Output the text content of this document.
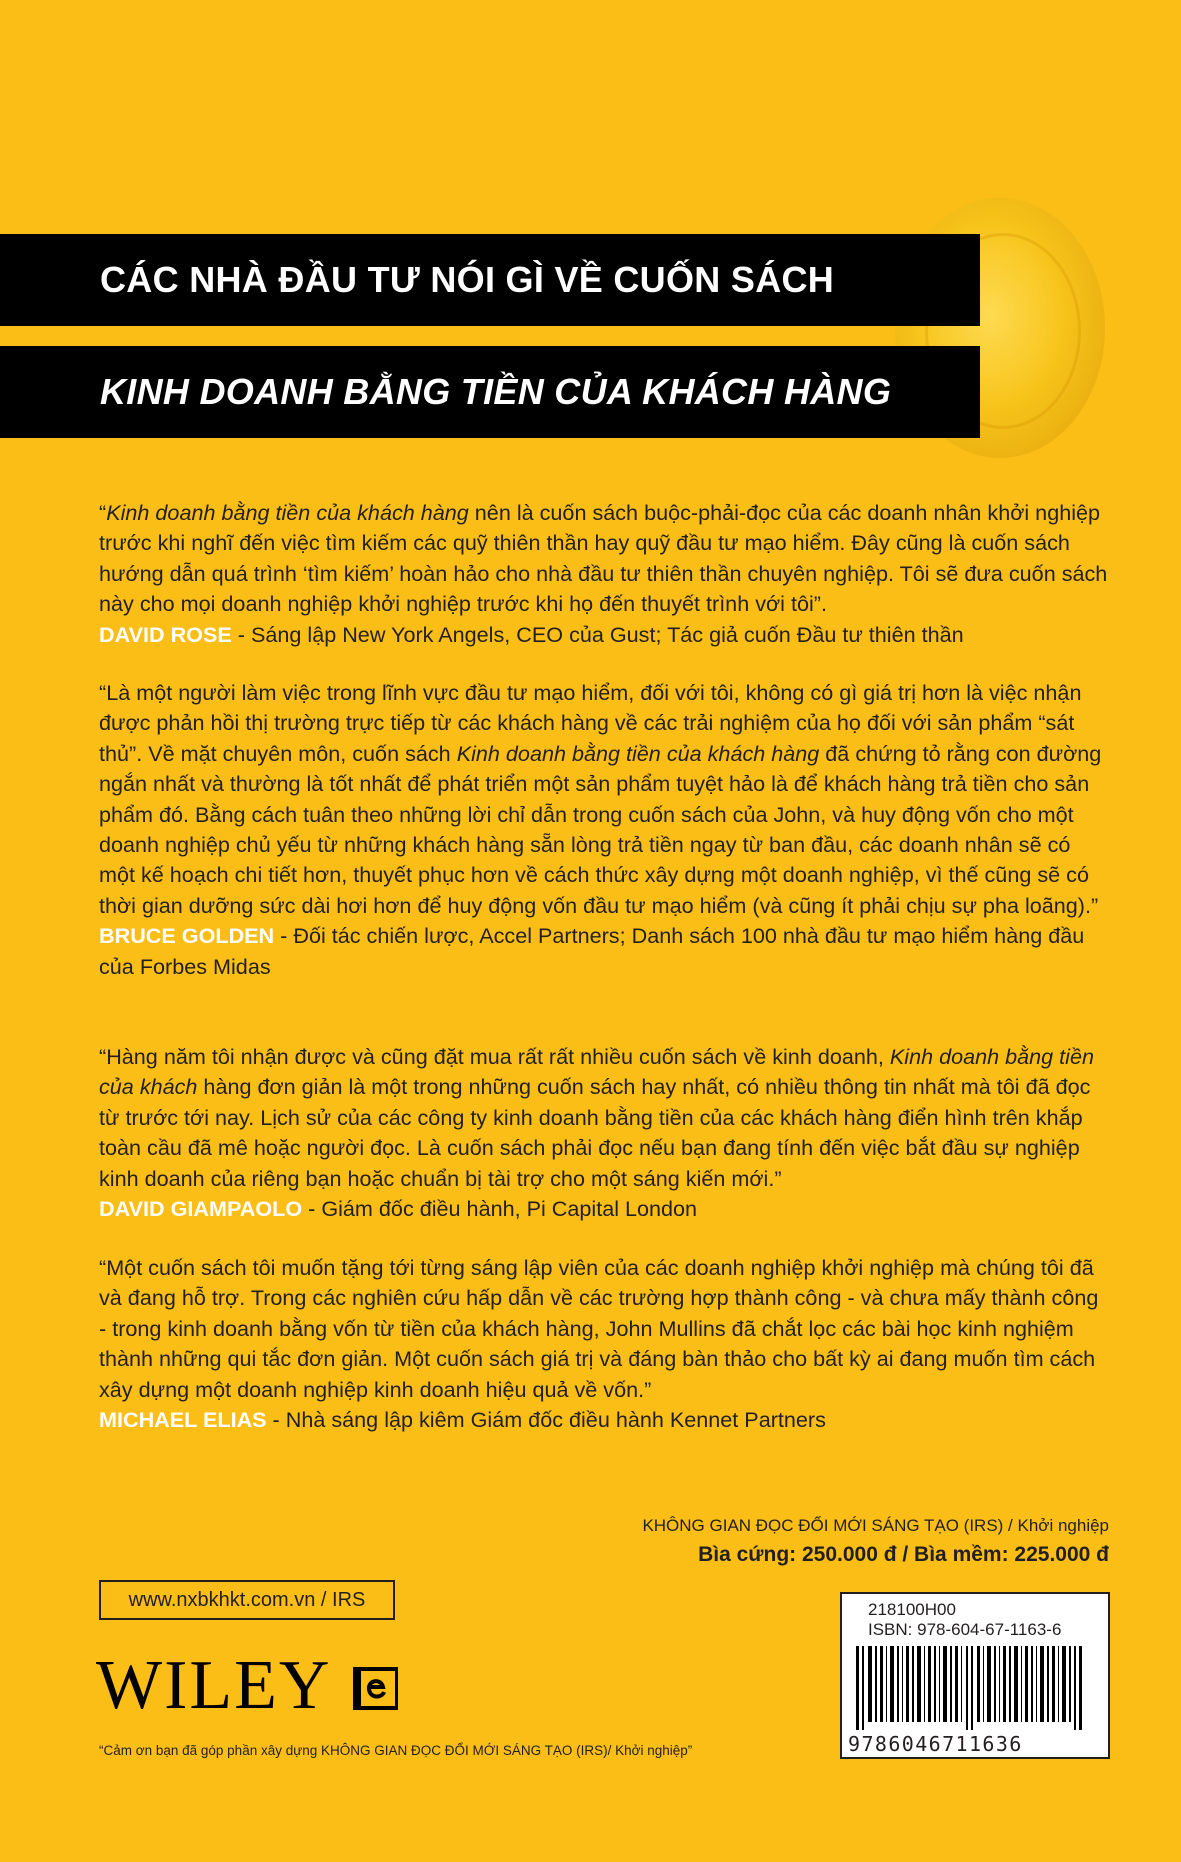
CÁC NHÀ ĐẦU TƯ NÓI GÌ VỀ CUỐN SÁCH
KINH DOANH BẰNG TIỀN CỦA KHÁCH HÀNG

“Kinh doanh bằng tiền của khách hàng nên là cuốn sách buộc-phải-đọc của các doanh nhân khởi nghiệp trước khi nghĩ đến việc tìm kiếm các quỹ thiên thần hay quỹ đầu tư mạo hiểm. Đây cũng là cuốn sách hướng dẫn quá trình ‘tìm kiếm’ hoàn hảo cho nhà đầu tư thiên thần chuyên nghiệp. Tôi sẽ đưa cuốn sách này cho mọi doanh nghiệp khởi nghiệp trước khi họ đến thuyết trình với tôi”.

DAVID ROSE - Sáng lập New York Angels, CEO của Gust; Tác giả cuốn Đầu tư thiên thần

“Là một người làm việc trong lĩnh vực đầu tư mạo hiểm, đối với tôi, không có gì giá trị hơn là việc nhận được phản hồi thị trường trực tiếp từ các khách hàng về các trải nghiệm của họ đối với sản phẩm “sát thủ”. Về mặt chuyên môn, cuốn sách Kinh doanh bằng tiền của khách hàng đã chứng tỏ rằng con đường ngắn nhất và thường là tốt nhất để phát triển một sản phẩm tuyệt hảo là để khách hàng trả tiền cho sản phẩm đó. Bằng cách tuân theo những lời chỉ dẫn trong cuốn sách của John, và huy động vốn cho một doanh nghiệp chủ yếu từ những khách hàng sẵn lòng trả tiền ngay từ ban đầu, các doanh nhân sẽ có một kế hoạch chi tiết hơn, thuyết phục hơn về cách thức xây dựng một doanh nghiệp, vì thế cũng sẽ có thời gian dưỡng sức dài hơi hơn để huy động vốn đầu tư mạo hiểm (và cũng ít phải chịu sự pha loãng).”

BRUCE GOLDEN - Đối tác chiến lược, Accel Partners; Danh sách 100 nhà đầu tư mạo hiểm hàng đầu của Forbes Midas

“Hàng năm tôi nhận được và cũng đặt mua rất rất nhiều cuốn sách về kinh doanh, Kinh doanh bằng tiền của khách hàng đơn giản là một trong những cuốn sách hay nhất, có nhiều thông tin nhất mà tôi đã đọc từ trước tới nay. Lịch sử của các công ty kinh doanh bằng tiền của các khách hàng điển hình trên khắp toàn cầu đã mê hoặc người đọc. Là cuốn sách phải đọc nếu bạn đang tính đến việc bắt đầu sự nghiệp kinh doanh của riêng bạn hoặc chuẩn bị tài trợ cho một sáng kiến mới.”

DAVID GIAMPAOLO - Giám đốc điều hành, Pi Capital London

“Một cuốn sách tôi muốn tặng tới từng sáng lập viên của các doanh nghiệp khởi nghiệp mà chúng tôi đã và đang hỗ trợ. Trong các nghiên cứu hấp dẫn về các trường hợp thành công - và chưa mấy thành công - trong kinh doanh bằng vốn từ tiền của khách hàng, John Mullins đã chắt lọc các bài học kinh nghiệm thành những qui tắc đơn giản. Một cuốn sách giá trị và đáng bàn thảo cho bất kỳ ai đang muốn tìm cách xây dựng một doanh nghiệp kinh doanh hiệu quả về vốn.”

MICHAEL ELIAS - Nhà sáng lập kiêm Giám đốc điều hành Kennet Partners

KHÔNG GIAN ĐỌC ĐỔI MỚI SÁNG TẠO (IRS) / Khởi nghiệp
Bìa cứng: 250.000 đ / Bìa mềm: 225.000 đ
www.nxbkhkt.com.vn / IRS
WILEY
“Cảm ơn bạn đã góp phần xây dựng KHÔNG GIAN ĐỌC ĐỔI MỚI SÁNG TẠO (IRS)/ Khởi nghiệp”
218100H00
ISBN: 978-604-67-1163-6
9786046711636
